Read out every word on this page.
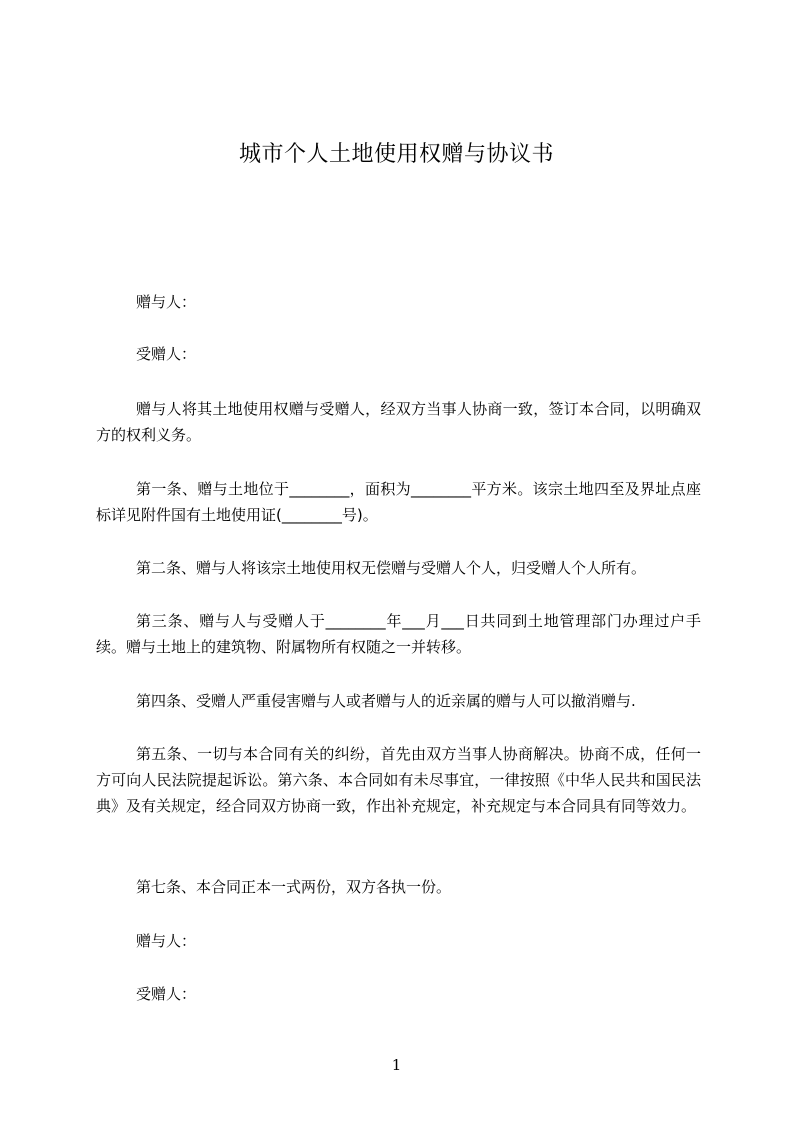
城市个人土地使用权赠与协议书

赠与人：

受赠人：

赠与人将其土地使用权赠与受赠人，经双方当事人协商一致，签订本合同，以明确双方的权利义务。

第一条、赠与土地位于________，面积为________平方米。该宗土地四至及界址点座标详见附件国有土地使用证(________号)。

第二条、赠与人将该宗土地使用权无偿赠与受赠人个人，归受赠人个人所有。

第三条、赠与人与受赠人于________年___月___日共同到土地管理部门办理过户手续。赠与土地上的建筑物、附属物所有权随之一并转移。

第四条、受赠人严重侵害赠与人或者赠与人的近亲属的赠与人可以撤消赠与.

第五条、一切与本合同有关的纠纷，首先由双方当事人协商解决。协商不成，任何一方可向人民法院提起诉讼。第六条、本合同如有未尽事宜，一律按照《中华人民共和国民法典》及有关规定，经合同双方协商一致，作出补充规定，补充规定与本合同具有同等效力。

第七条、本合同正本一式两份，双方各执一份。

赠与人：

受赠人：

1
